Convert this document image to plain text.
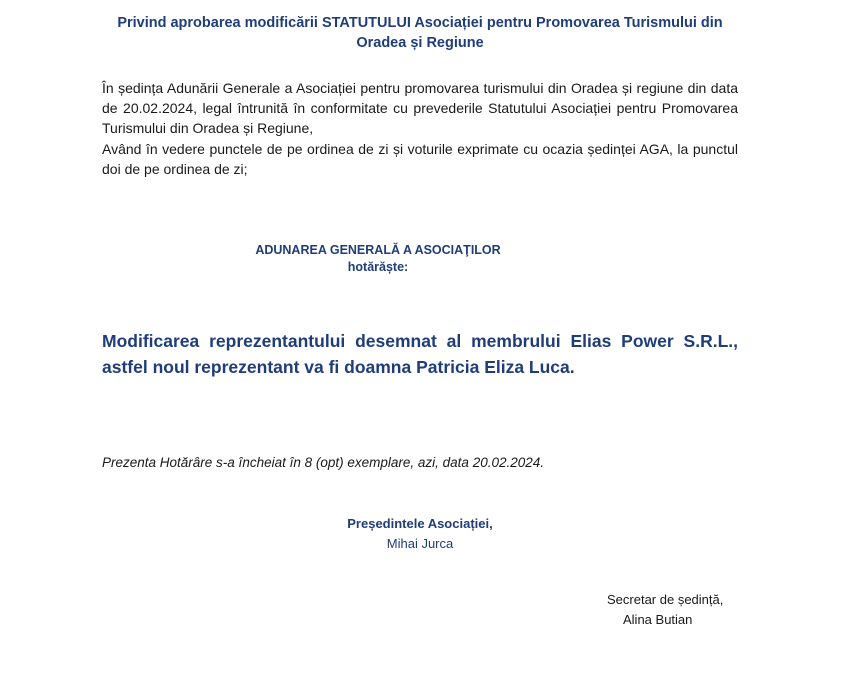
Privind aprobarea modificării STATUTULUI Asociației pentru Promovarea Turismului din Oradea și Regiune

În ședința Adunării Generale a Asociației pentru promovarea turismului din Oradea și regiune din data de 20.02.2024, legal întrunită în conformitate cu prevederile Statutului Asociației pentru Promovarea Turismului din Oradea și Regiune,

Având în vedere punctele de pe ordinea de zi și voturile exprimate cu ocazia ședinței AGA, la punctul doi de pe ordinea de zi;

ADUNAREA GENERALĂ A ASOCIAŢILOR
hotărăște:
Modificarea reprezentantului desemnat al membrului Elias Power S.R.L., astfel noul reprezentant va fi doamna Patricia Eliza Luca.
Prezenta Hotărâre s-a încheiat în 8 (opt) exemplare, azi, data 20.02.2024.
Președintele Asociației,
Mihai Jurca
Secretar de ședință,
Alina Butian
